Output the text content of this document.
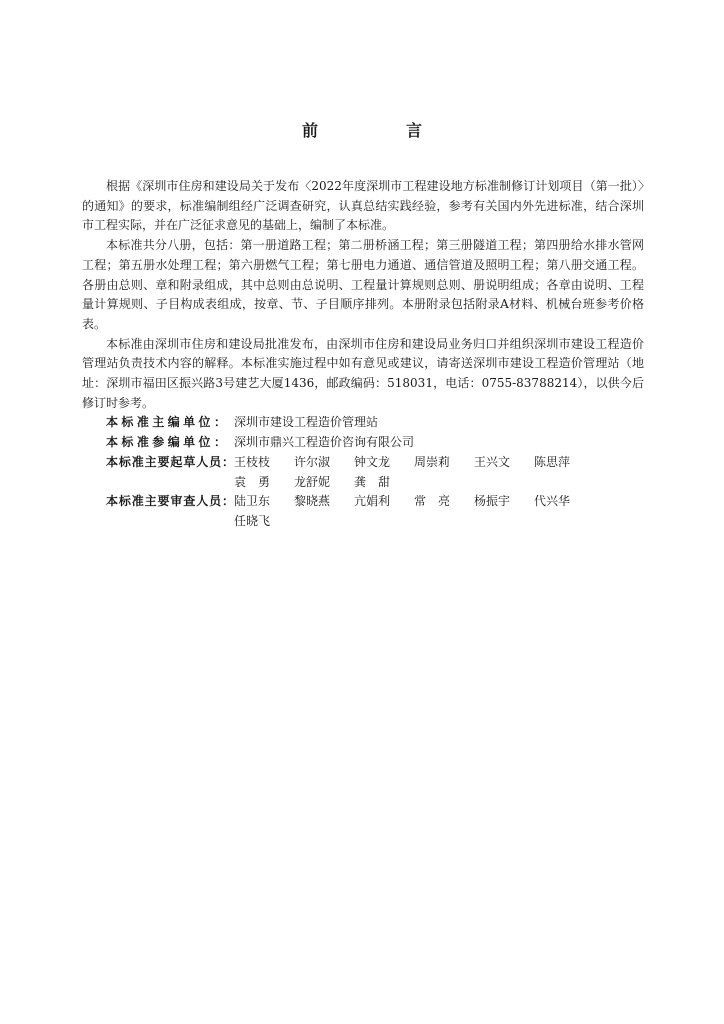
前　言

根据《深圳市住房和建设局关于发布〈2022年度深圳市工程建设地方标准制修订计划项目（第一批）〉的通知》的要求，标准编制组经广泛调查研究，认真总结实践经验，参考有关国内外先进标准，结合深圳市工程实际，并在广泛征求意见的基础上，编制了本标准。

本标准共分八册，包括：第一册道路工程；第二册桥涵工程；第三册隧道工程；第四册给水排水管网工程；第五册水处理工程；第六册燃气工程；第七册电力通道、通信管道及照明工程；第八册交通工程。各册由总则、章和附录组成，其中总则由总说明、工程量计算规则总则、册说明组成；各章由说明、工程量计算规则、子目构成表组成，按章、节、子目顺序排列。本册附录包括附录A材料、机械台班参考价格表。

本标准由深圳市住房和建设局批准发布，由深圳市住房和建设局业务归口并组织深圳市建设工程造价管理站负责技术内容的解释。本标准实施过程中如有意见或建议，请寄送深圳市建设工程造价管理站（地址：深圳市福田区振兴路3号建艺大厦1436，邮政编码：518031，电话：0755-83788214），以供今后修订时参考。

本标准主编单位： 深圳市建设工程造价管理站
本标准参编单位： 深圳市鼎兴工程造价咨询有限公司
本标准主要起草人员： 王枝枝	许尔淑	钟文龙	周崇莉	王兴文	陈思萍
袁　勇	龙舒妮	龚　甜
本标准主要审查人员： 陆卫东	黎晓燕	亢娟利	常　亮	杨振宇	代兴华
任晓飞
